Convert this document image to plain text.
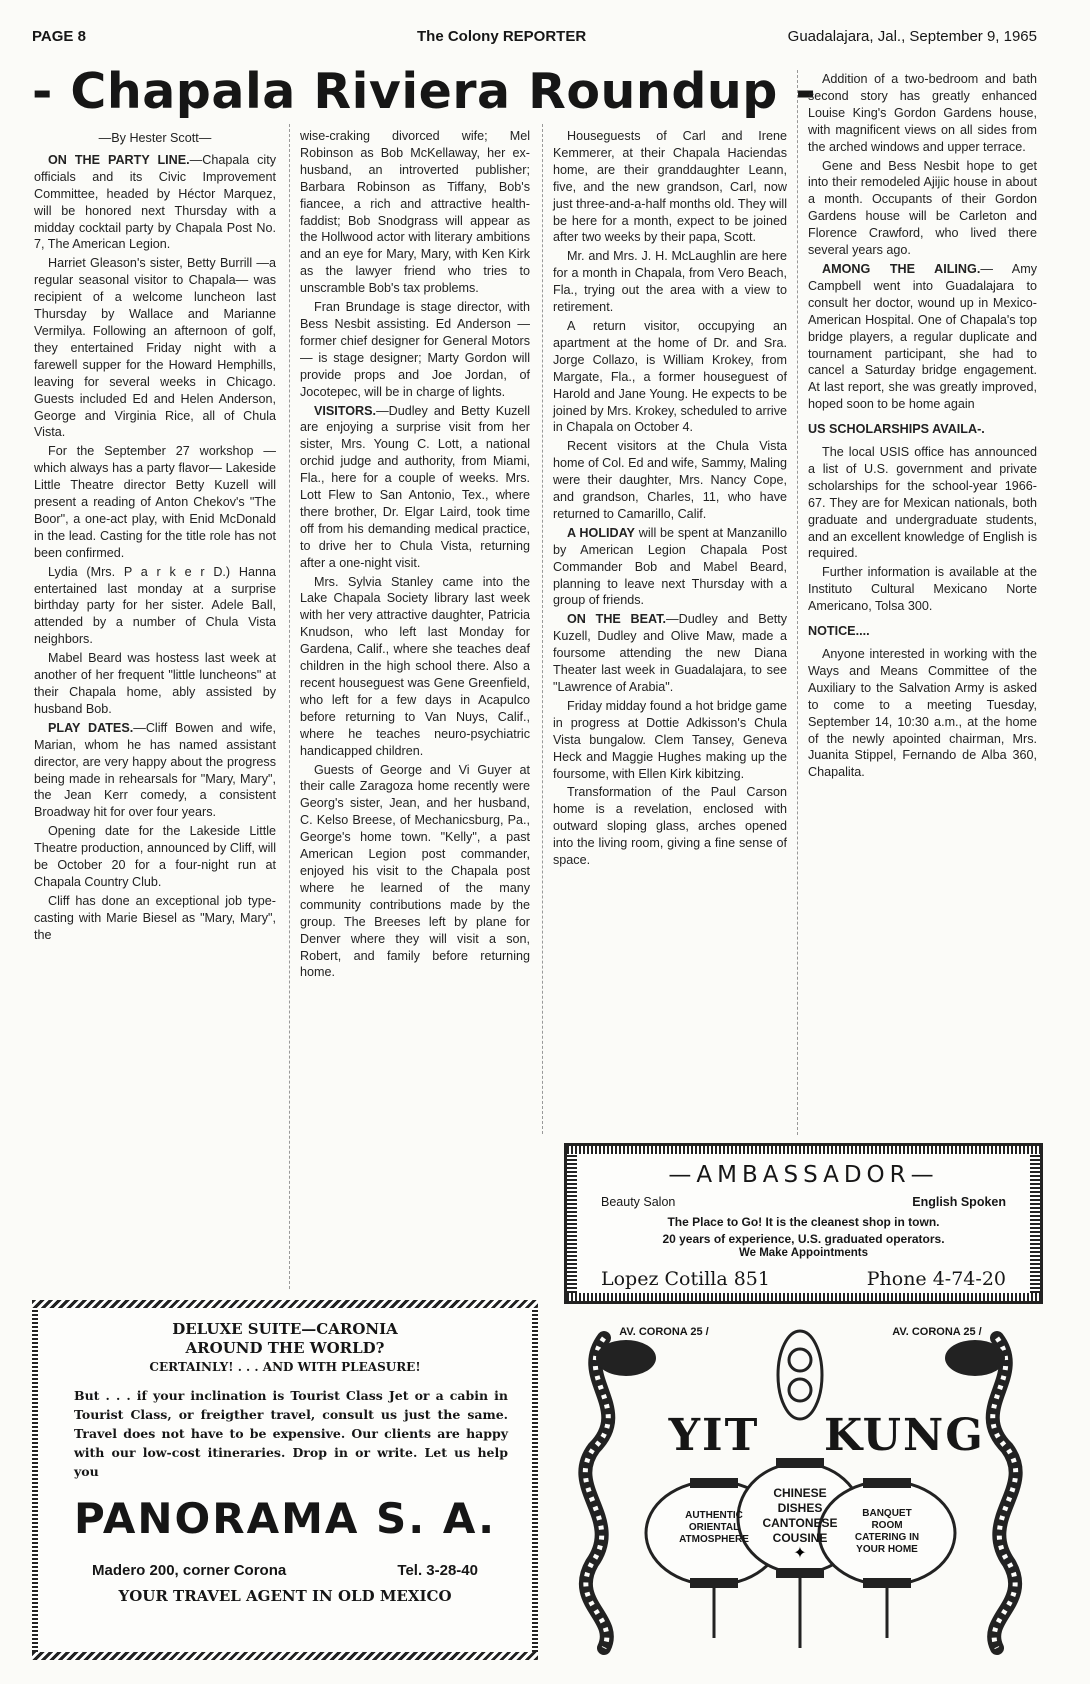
PAGE 8	The Colony REPORTER	Guadalajara, Jal., September 9, 1965
- Chapala Riviera Roundup -

—By Hester Scott—

ON THE PARTY LINE.—Chapala city officials and its Civic Improvement Committee, headed by Héctor Marquez, will be honored next Thursday with a midday cocktail party by Chapala Post No. 7, The American Legion.

Harriet Gleason's sister, Betty Burrill —a regular seasonal visitor to Chapala— was recipient of a welcome luncheon last Thursday by Wallace and Marianne Vermilya. Following an afternoon of golf, they entertained Friday night with a farewell supper for the Howard Hemphills, leaving for several weeks in Chicago. Guests included Ed and Helen Anderson, George and Virginia Rice, all of Chula Vista.

For the September 27 workshop —which always has a party flavor— Lakeside Little Theatre director Betty Kuzell will present a reading of Anton Chekov's "The Boor", a one-act play, with Enid McDonald in the lead. Casting for the title role has not been confirmed.

Lydia (Mrs. P a r k e r D.) Hanna entertained last monday at a surprise birthday party for her sister. Adele Ball, attended by a number of Chula Vista neighbors.

Mabel Beard was hostess last week at another of her frequent "little luncheons" at their Chapala home, ably assisted by husband Bob.

PLAY DATES.—Cliff Bowen and wife, Marian, whom he has named assistant director, are very happy about the progress being made in rehearsals for "Mary, Mary", the Jean Kerr comedy, a consistent Broadway hit for over four years.

Opening date for the Lakeside Little Theatre production, announced by Cliff, will be October 20 for a four-night run at Chapala Country Club.

Cliff has done an exceptional job type-casting with Marie Biesel as "Mary, Mary", the

wise-craking divorced wife; Mel Robinson as Bob McKellaway, her ex-husband, an introverted publisher; Barbara Robinson as Tiffany, Bob's fiancee, a rich and attractive health-faddist; Bob Snodgrass will appear as the Hollwood actor with literary ambitions and an eye for Mary, Mary, with Ken Kirk as the lawyer friend who tries to unscramble Bob's tax problems.

Fran Brundage is stage director, with Bess Nesbit assisting. Ed Anderson —former chief designer for General Motors— is stage designer; Marty Gordon will provide props and Joe Jordan, of Jocotepec, will be in charge of lights.

VISITORS.—Dudley and Betty Kuzell are enjoying a surprise visit from her sister, Mrs. Young C. Lott, a national orchid judge and authority, from Miami, Fla., here for a couple of weeks. Mrs. Lott Flew to San Antonio, Tex., where there brother, Dr. Elgar Laird, took time off from his demanding medical practice, to drive her to Chula Vista, returning after a one-night visit.

Mrs. Sylvia Stanley came into the Lake Chapala Society library last week with her very attractive daughter, Patricia Knudson, who left last Monday for Gardena, Calif., where she teaches deaf children in the high school there. Also a recent houseguest was Gene Greenfield, who left for a few days in Acapulco before returning to Van Nuys, Calif., where he teaches neuro-psychiatric handicapped children.

Guests of George and Vi Guyer at their calle Zaragoza home recently were Georg's sister, Jean, and her husband, C. Kelso Breese, of Mechanicsburg, Pa., George's home town. "Kelly", a past American Legion post commander, enjoyed his visit to the Chapala post where he learned of the many community contributions made by the group. The Breeses left by plane for Denver where they will visit a son, Robert, and family before returning home.

Houseguests of Carl and Irene Kemmerer, at their Chapala Haciendas home, are their granddaughter Leann, five, and the new grandson, Carl, now just three-and-a-half months old. They will be here for a month, expect to be joined after two weeks by their papa, Scott.

Mr. and Mrs. J. H. McLaughlin are here for a month in Chapala, from Vero Beach, Fla., trying out the area with a view to retirement.

A return visitor, occupying an apartment at the home of Dr. and Sra. Jorge Collazo, is William Krokey, from Margate, Fla., a former houseguest of Harold and Jane Young. He expects to be joined by Mrs. Krokey, scheduled to arrive in Chapala on October 4.

Recent visitors at the Chula Vista home of Col. Ed and wife, Sammy, Maling were their daughter, Mrs. Nancy Cope, and grandson, Charles, 11, who have returned to Camarillo, Calif.

A HOLIDAY will be spent at Manzanillo by American Legion Chapala Post Commander Bob and Mabel Beard, planning to leave next Thursday with a group of friends.

ON THE BEAT.—Dudley and Betty Kuzell, Dudley and Olive Maw, made a foursome attending the new Diana Theater last week in Guadalajara, to see "Lawrence of Arabia".

Friday midday found a hot bridge game in progress at Dottie Adkisson's Chula Vista bungalow. Clem Tansey, Geneva Heck and Maggie Hughes making up the foursome, with Ellen Kirk kibitzing.

Transformation of the Paul Carson home is a revelation, enclosed with outward sloping glass, arches opened into the living room, giving a fine sense of space.

Addition of a two-bedroom and bath second story has greatly enhanced Louise King's Gordon Gardens house, with magnificent views on all sides from the arched windows and upper terrace.

Gene and Bess Nesbit hope to get into their remodeled Ajijic house in about a month. Occupants of their Gordon Gardens house will be Carleton and Florence Crawford, who lived there several years ago.

AMONG THE AILING.— Amy Campbell went into Guadalajara to consult her doctor, wound up in Mexico-American Hospital. One of Chapala's top bridge players, a regular duplicate and tournament participant, she had to cancel a Saturday bridge engagement. At last report, she was greatly improved, hoped soon to be home again

US SCHOLARSHIPS AVAILA-.

The local USIS office has announced a list of U.S. government and private scholarships for the school-year 1966-67. They are for Mexican nationals, both graduate and undergraduate students, and an excellent knowledge of English is required.

Further information is available at the Instituto Cultural Mexicano Norte Americano, Tolsa 300.

NOTICE....

Anyone interested in working with the Ways and Means Committee of the Auxiliary to the Salvation Army is asked to come to a meeting Tuesday, September 14, 10:30 a.m., at the home of the newly apointed chairman, Mrs. Juanita Stippel, Fernando de Alba 360, Chapalita.

—AMBASSADOR—
Beauty Salon	English Spoken
The Place to Go! It is the cleanest shop in town.
20 years of experience, U.S. graduated operators.
We Make Appointments
Lopez Cotilla 851	Phone 4-74-20
DELUXE SUITE—CARONIA
AROUND THE WORLD?
CERTAINLY! . . . AND WITH PLEASURE!
But . . . if your inclination is Tourist Class Jet or a cabin in Tourist Class, or freigther travel, consult us just the same. Travel does not have to be expensive. Our clients are happy with our low-cost itineraries. Drop in or write. Let us help you
PANORAMA S. A.
Madero 200, corner Corona	Tel. 3-28-40
YOUR TRAVEL AGENT IN OLD MEXICO
✦
AV. CORONA 25 /	AV. CORONA 25 /
YIT KUNG
AUTHENTIC ORIENTAL ATMOSPHERE
CHINESE DISHES CANTONESE COUSINE
BANQUET ROOM CATERING IN YOUR HOME
